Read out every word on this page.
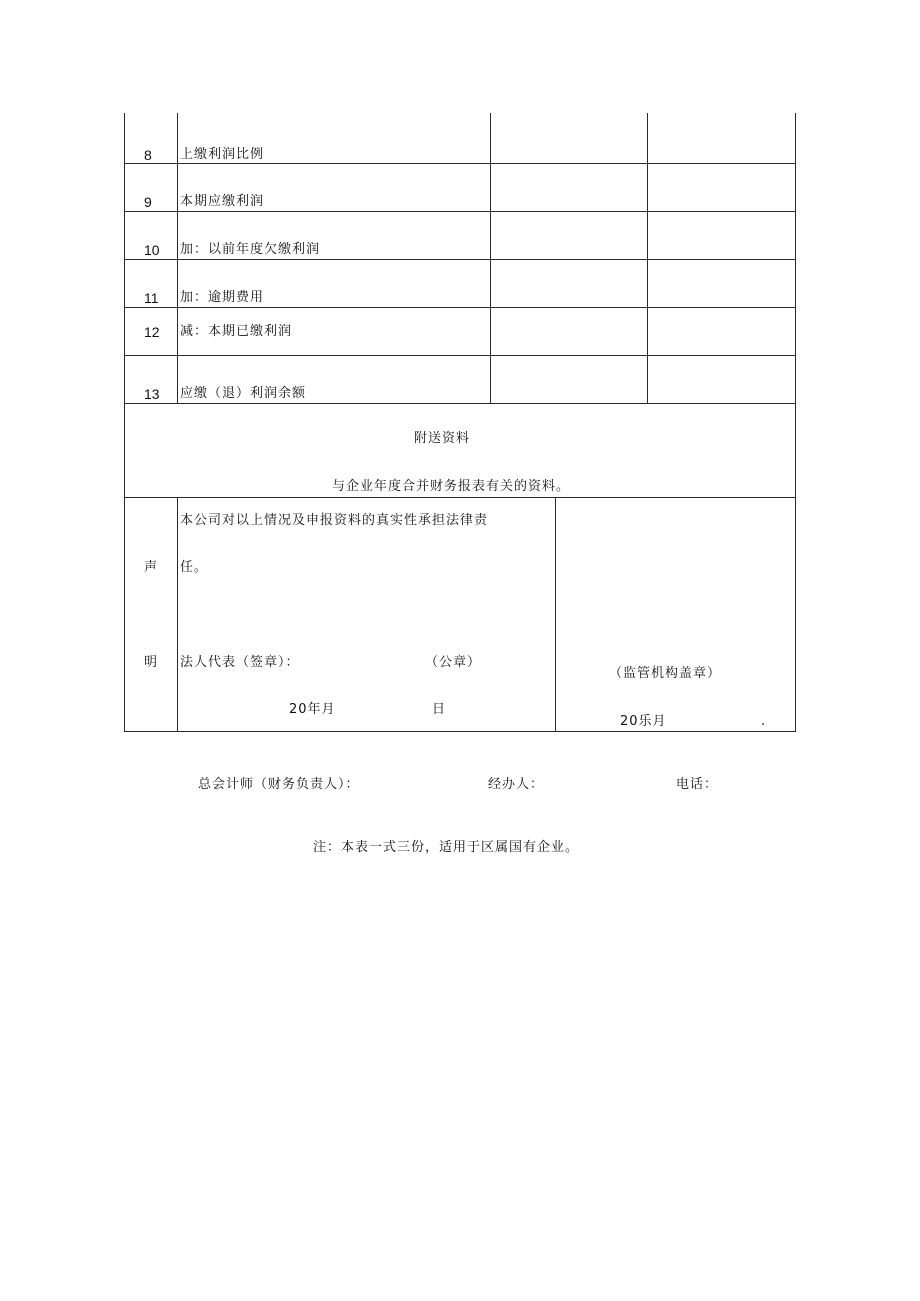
8 上缴利润比例
9 本期应缴利润
10 加：以前年度欠缴利润
11 加：逾期费用
12 减：本期已缴利润
13 应缴（退）利润余额
附送资料
与企业年度合并财务报表有关的资料。
声
明
本公司对以上情况及申报资料的真实性承担法律责
任。
法人代表（签章）：	（公章）
20年月	日
（监管机构盖章）
20乐月	.
总会计师（财务负责人）：	经办人：	电话：
注：本表一式三份，适用于区属国有企业。
